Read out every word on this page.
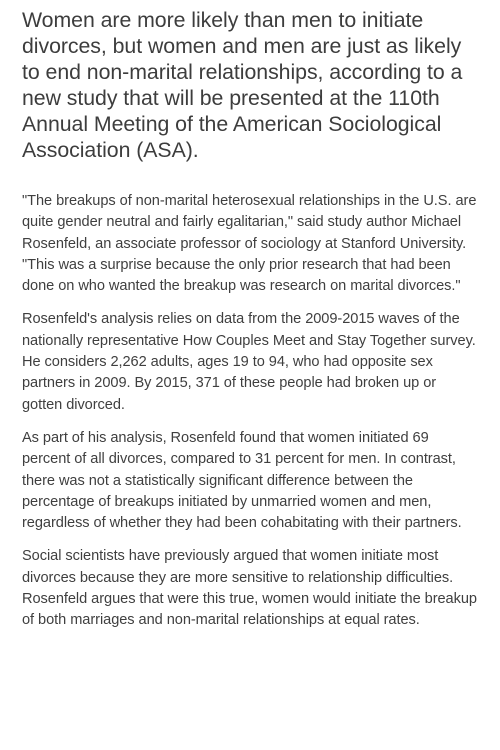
Women are more likely than men to initiate divorces, but women and men are just as likely to end non-marital relationships, according to a new study that will be presented at the 110th Annual Meeting of the American Sociological Association (ASA).

"The breakups of non-marital heterosexual relationships in the U.S. are quite gender neutral and fairly egalitarian," said study author Michael Rosenfeld, an associate professor of sociology at Stanford University. "This was a surprise because the only prior research that had been done on who wanted the breakup was research on marital divorces."

Rosenfeld's analysis relies on data from the 2009-2015 waves of the nationally representative How Couples Meet and Stay Together survey. He considers 2,262 adults, ages 19 to 94, who had opposite sex partners in 2009. By 2015, 371 of these people had broken up or gotten divorced.

As part of his analysis, Rosenfeld found that women initiated 69 percent of all divorces, compared to 31 percent for men. In contrast, there was not a statistically significant difference between the percentage of breakups initiated by unmarried women and men, regardless of whether they had been cohabitating with their partners.

Social scientists have previously argued that women initiate most divorces because they are more sensitive to relationship difficulties. Rosenfeld argues that were this true, women would initiate the breakup of both marriages and non-marital relationships at equal rates.
